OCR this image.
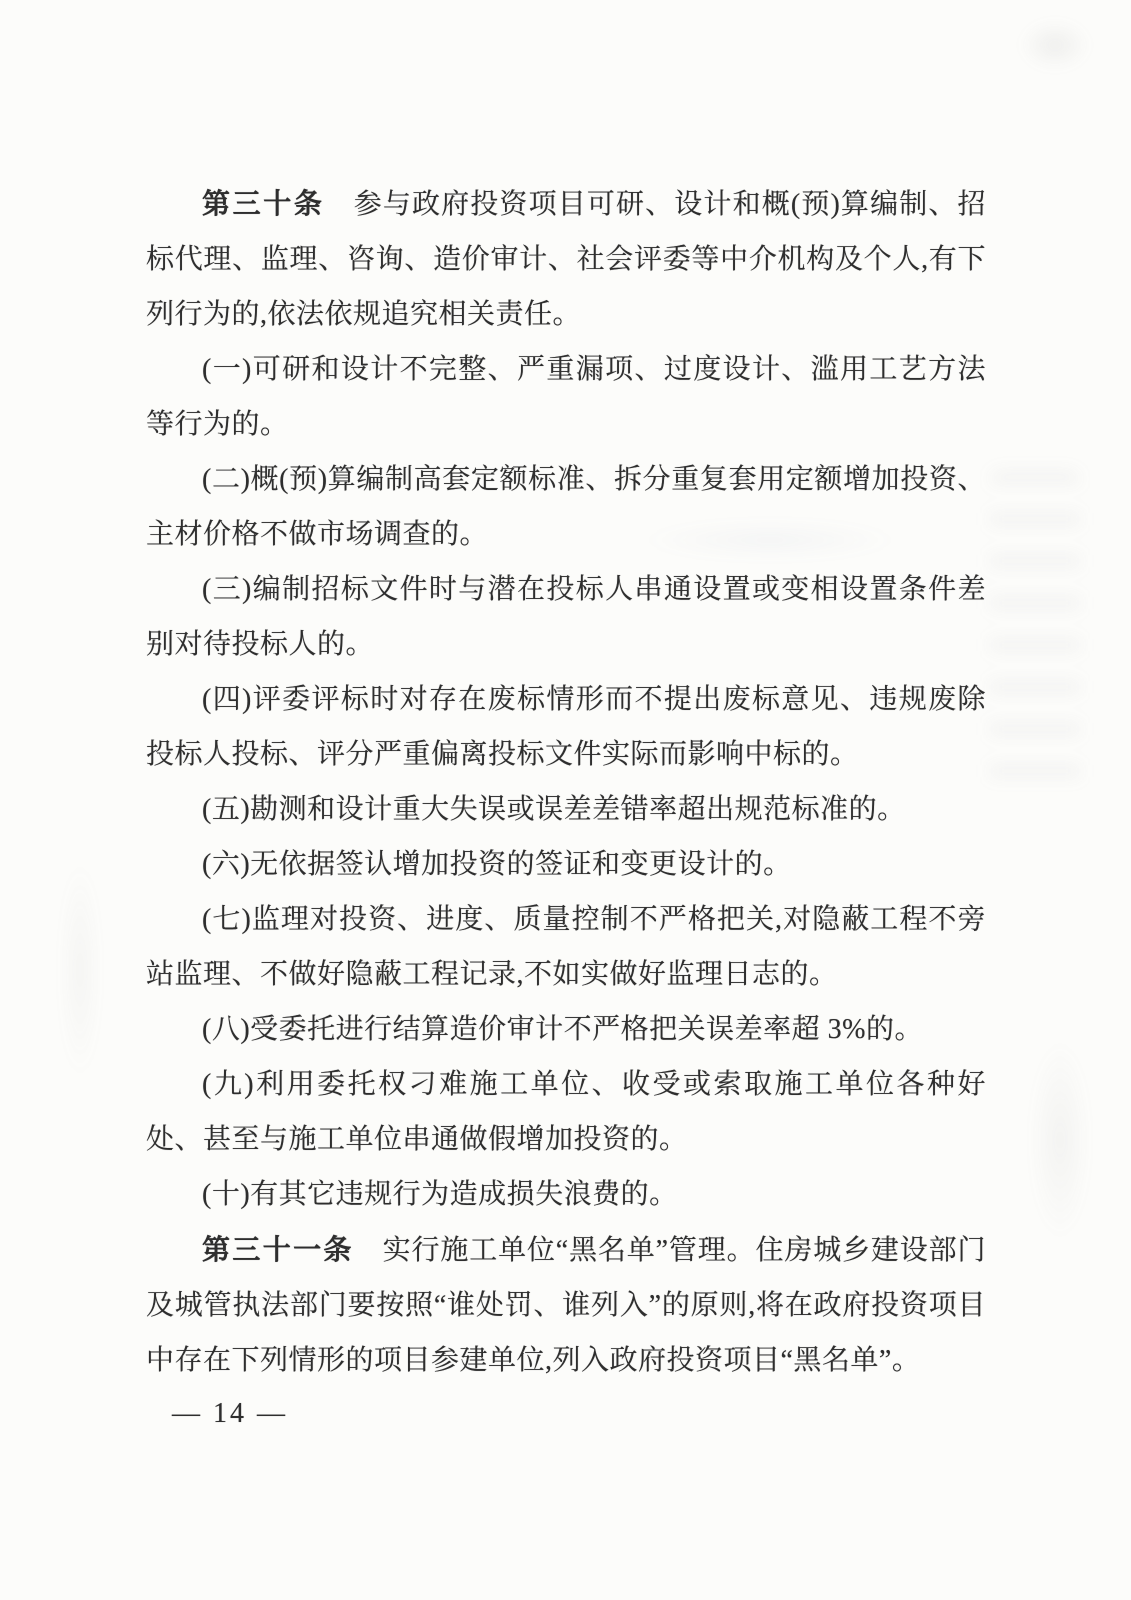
第三十条　参与政府投资项目可研、设计和概(预)算编制、招标代理、监理、咨询、造价审计、社会评委等中介机构及个人,有下列行为的,依法依规追究相关责任。

(一)可研和设计不完整、严重漏项、过度设计、滥用工艺方法等行为的。

(二)概(预)算编制高套定额标准、拆分重复套用定额增加投资、主材价格不做市场调查的。

(三)编制招标文件时与潜在投标人串通设置或变相设置条件差别对待投标人的。

(四)评委评标时对存在废标情形而不提出废标意见、违规废除投标人投标、评分严重偏离投标文件实际而影响中标的。

(五)勘测和设计重大失误或误差差错率超出规范标准的。

(六)无依据签认增加投资的签证和变更设计的。

(七)监理对投资、进度、质量控制不严格把关,对隐蔽工程不旁站监理、不做好隐蔽工程记录,不如实做好监理日志的。

(八)受委托进行结算造价审计不严格把关误差率超 3%的。

(九)利用委托权刁难施工单位、收受或索取施工单位各种好处、甚至与施工单位串通做假增加投资的。

(十)有其它违规行为造成损失浪费的。

第三十一条　实行施工单位“黑名单”管理。住房城乡建设部门及城管执法部门要按照“谁处罚、谁列入”的原则,将在政府投资项目中存在下列情形的项目参建单位,列入政府投资项目“黑名单”。

— 14 —
